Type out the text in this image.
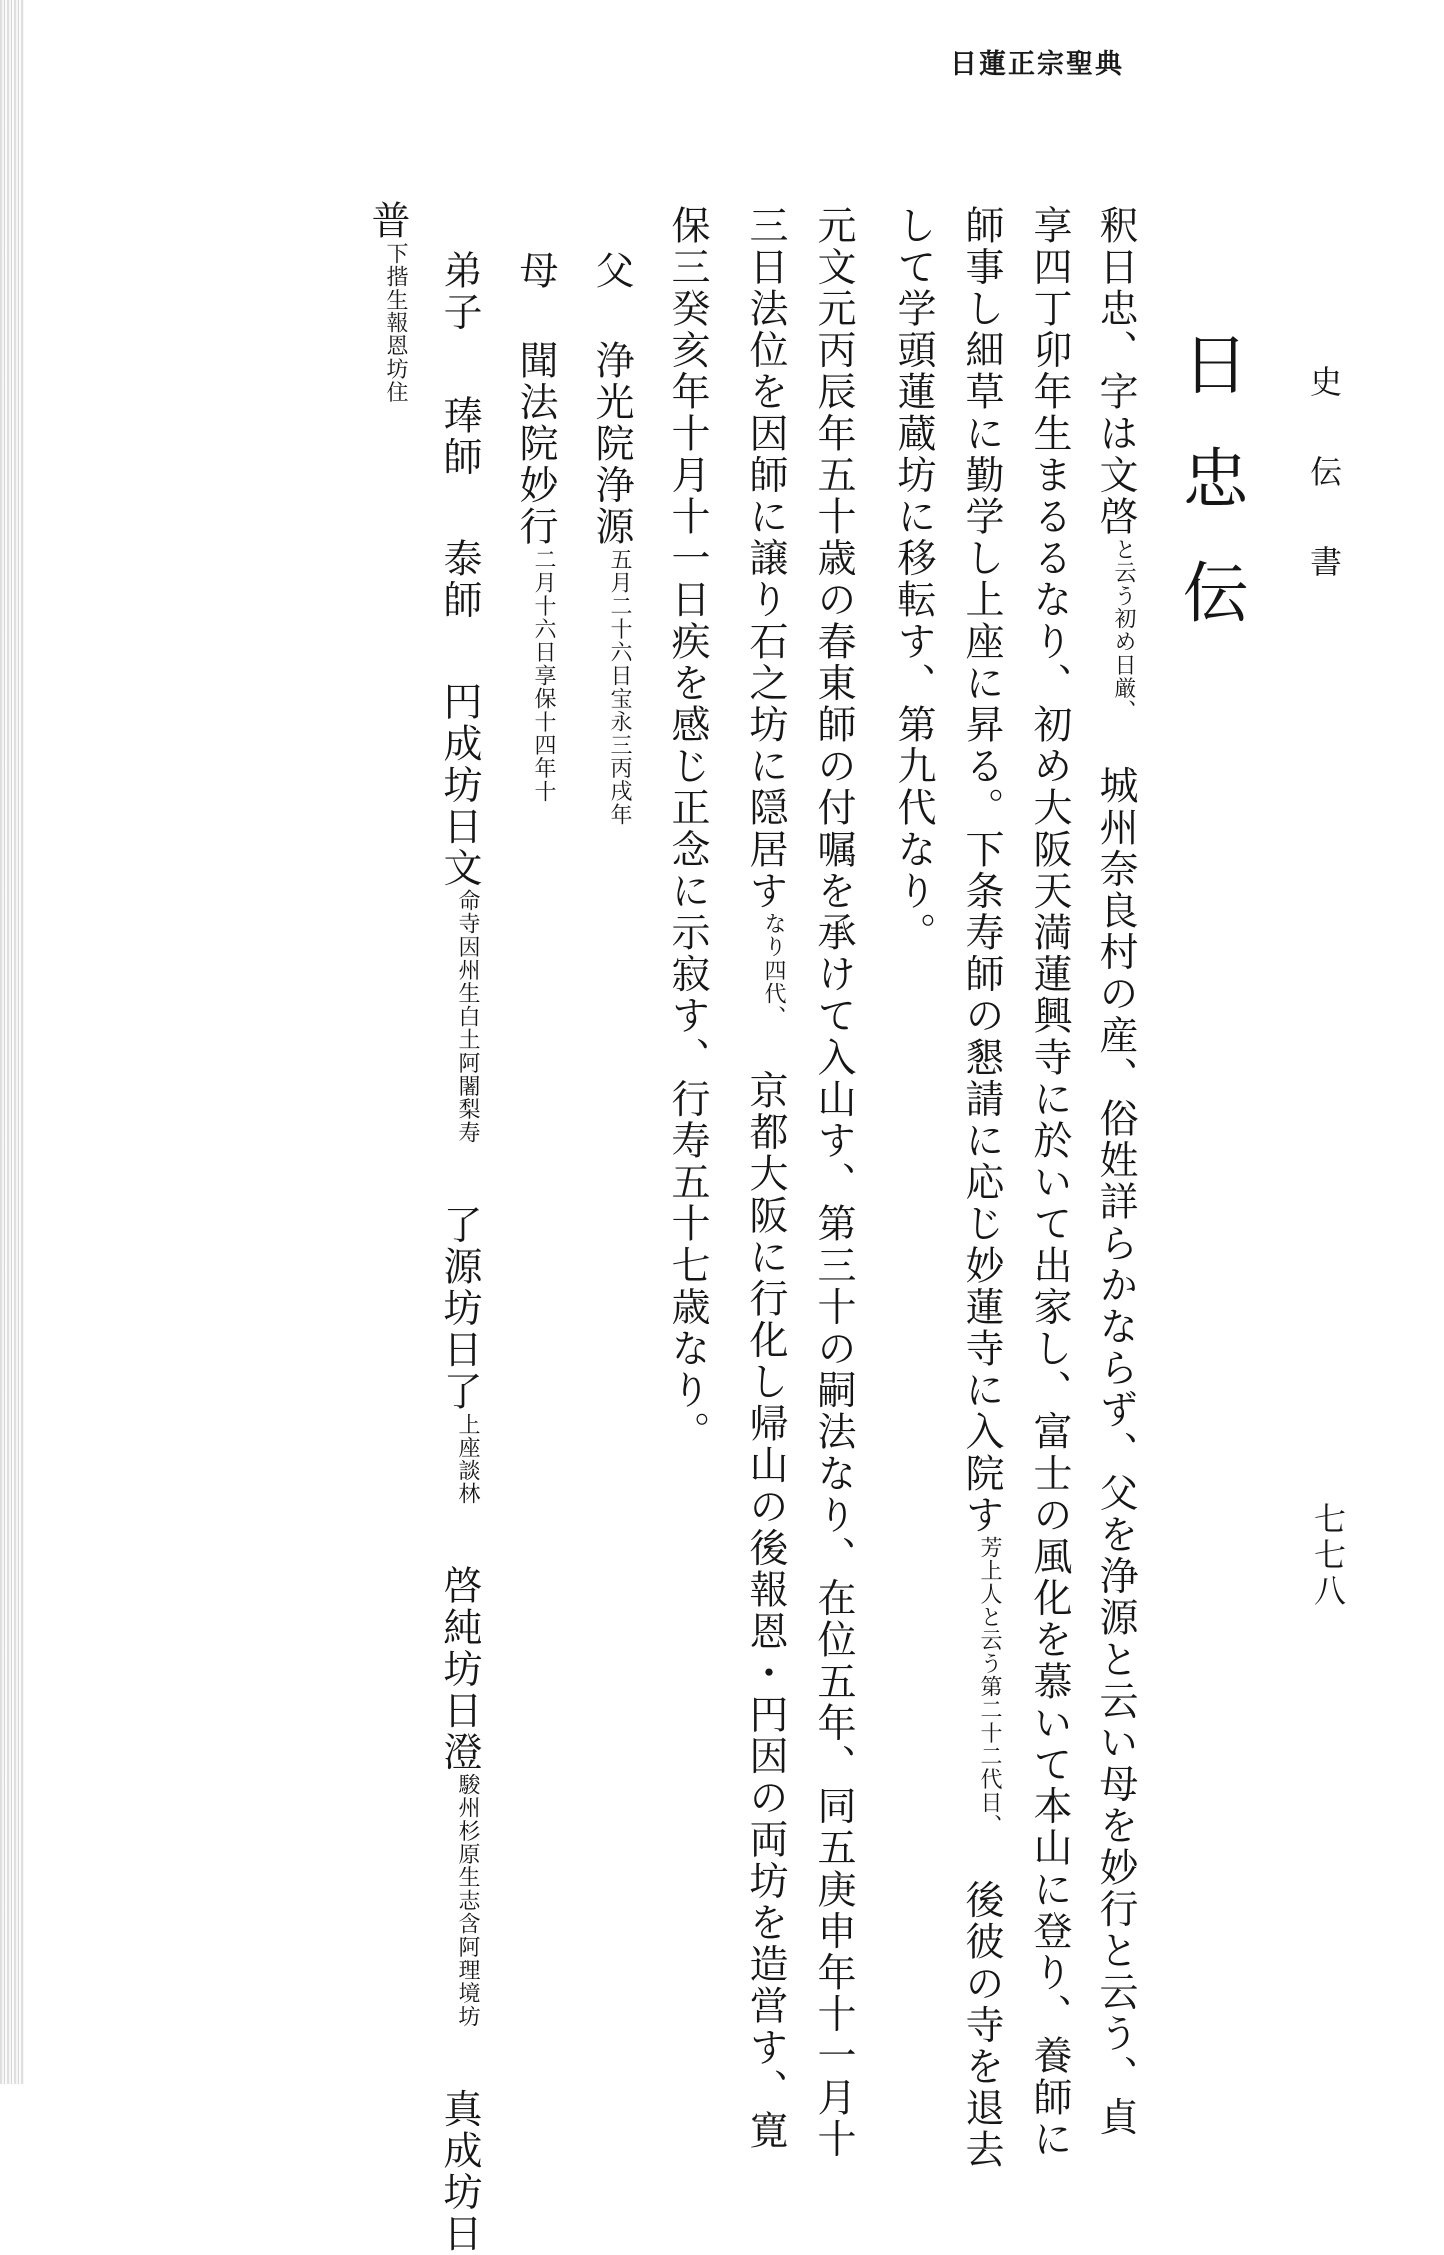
日蓮正宗聖典
史伝書
七七八
日忠伝
釈日忠、字は文啓
初め日厳、
と云う
城州奈良村の産、俗姓詳らかならず、父を浄源と云い母を妙行と云う、貞
享四丁卯年生まるるなり、初め大阪天満蓮興寺に於いて出家し、富士の風化を慕いて本山に登り、養師に
師事し細草に勤学し上座に昇る。下条寿師の懇請に応じ妙蓮寺に入院す
第二十二代日、
芳上人と云う
後彼の寺を退去
して学頭蓮蔵坊に移転す、第九代なり。
元文元丙辰年五十歳の春東師の付嘱を承けて入山す、第三十の嗣法なり、在位五年、同五庚申年十一月十
三日法位を因師に譲り石之坊に隠居す
四代、
なり
京都大阪に行化し帰山の後報恩・円因の両坊を造営す、寛
保三癸亥年十月十一日疾を感じ正念に示寂す、行寿五十七歳なり。
父
浄光院浄源
宝永三丙戌年
五月二十六日
母
聞法院妙行
享保十四年十
二月十六日
弟子
琫師泰師円成坊日文
白土阿闍梨寿
命寺因州生
了源坊日了
談林
上座
啓純坊日澄
志含阿理境坊
駿州杉原生
真成坊日
普
報恩坊住
下揩生
